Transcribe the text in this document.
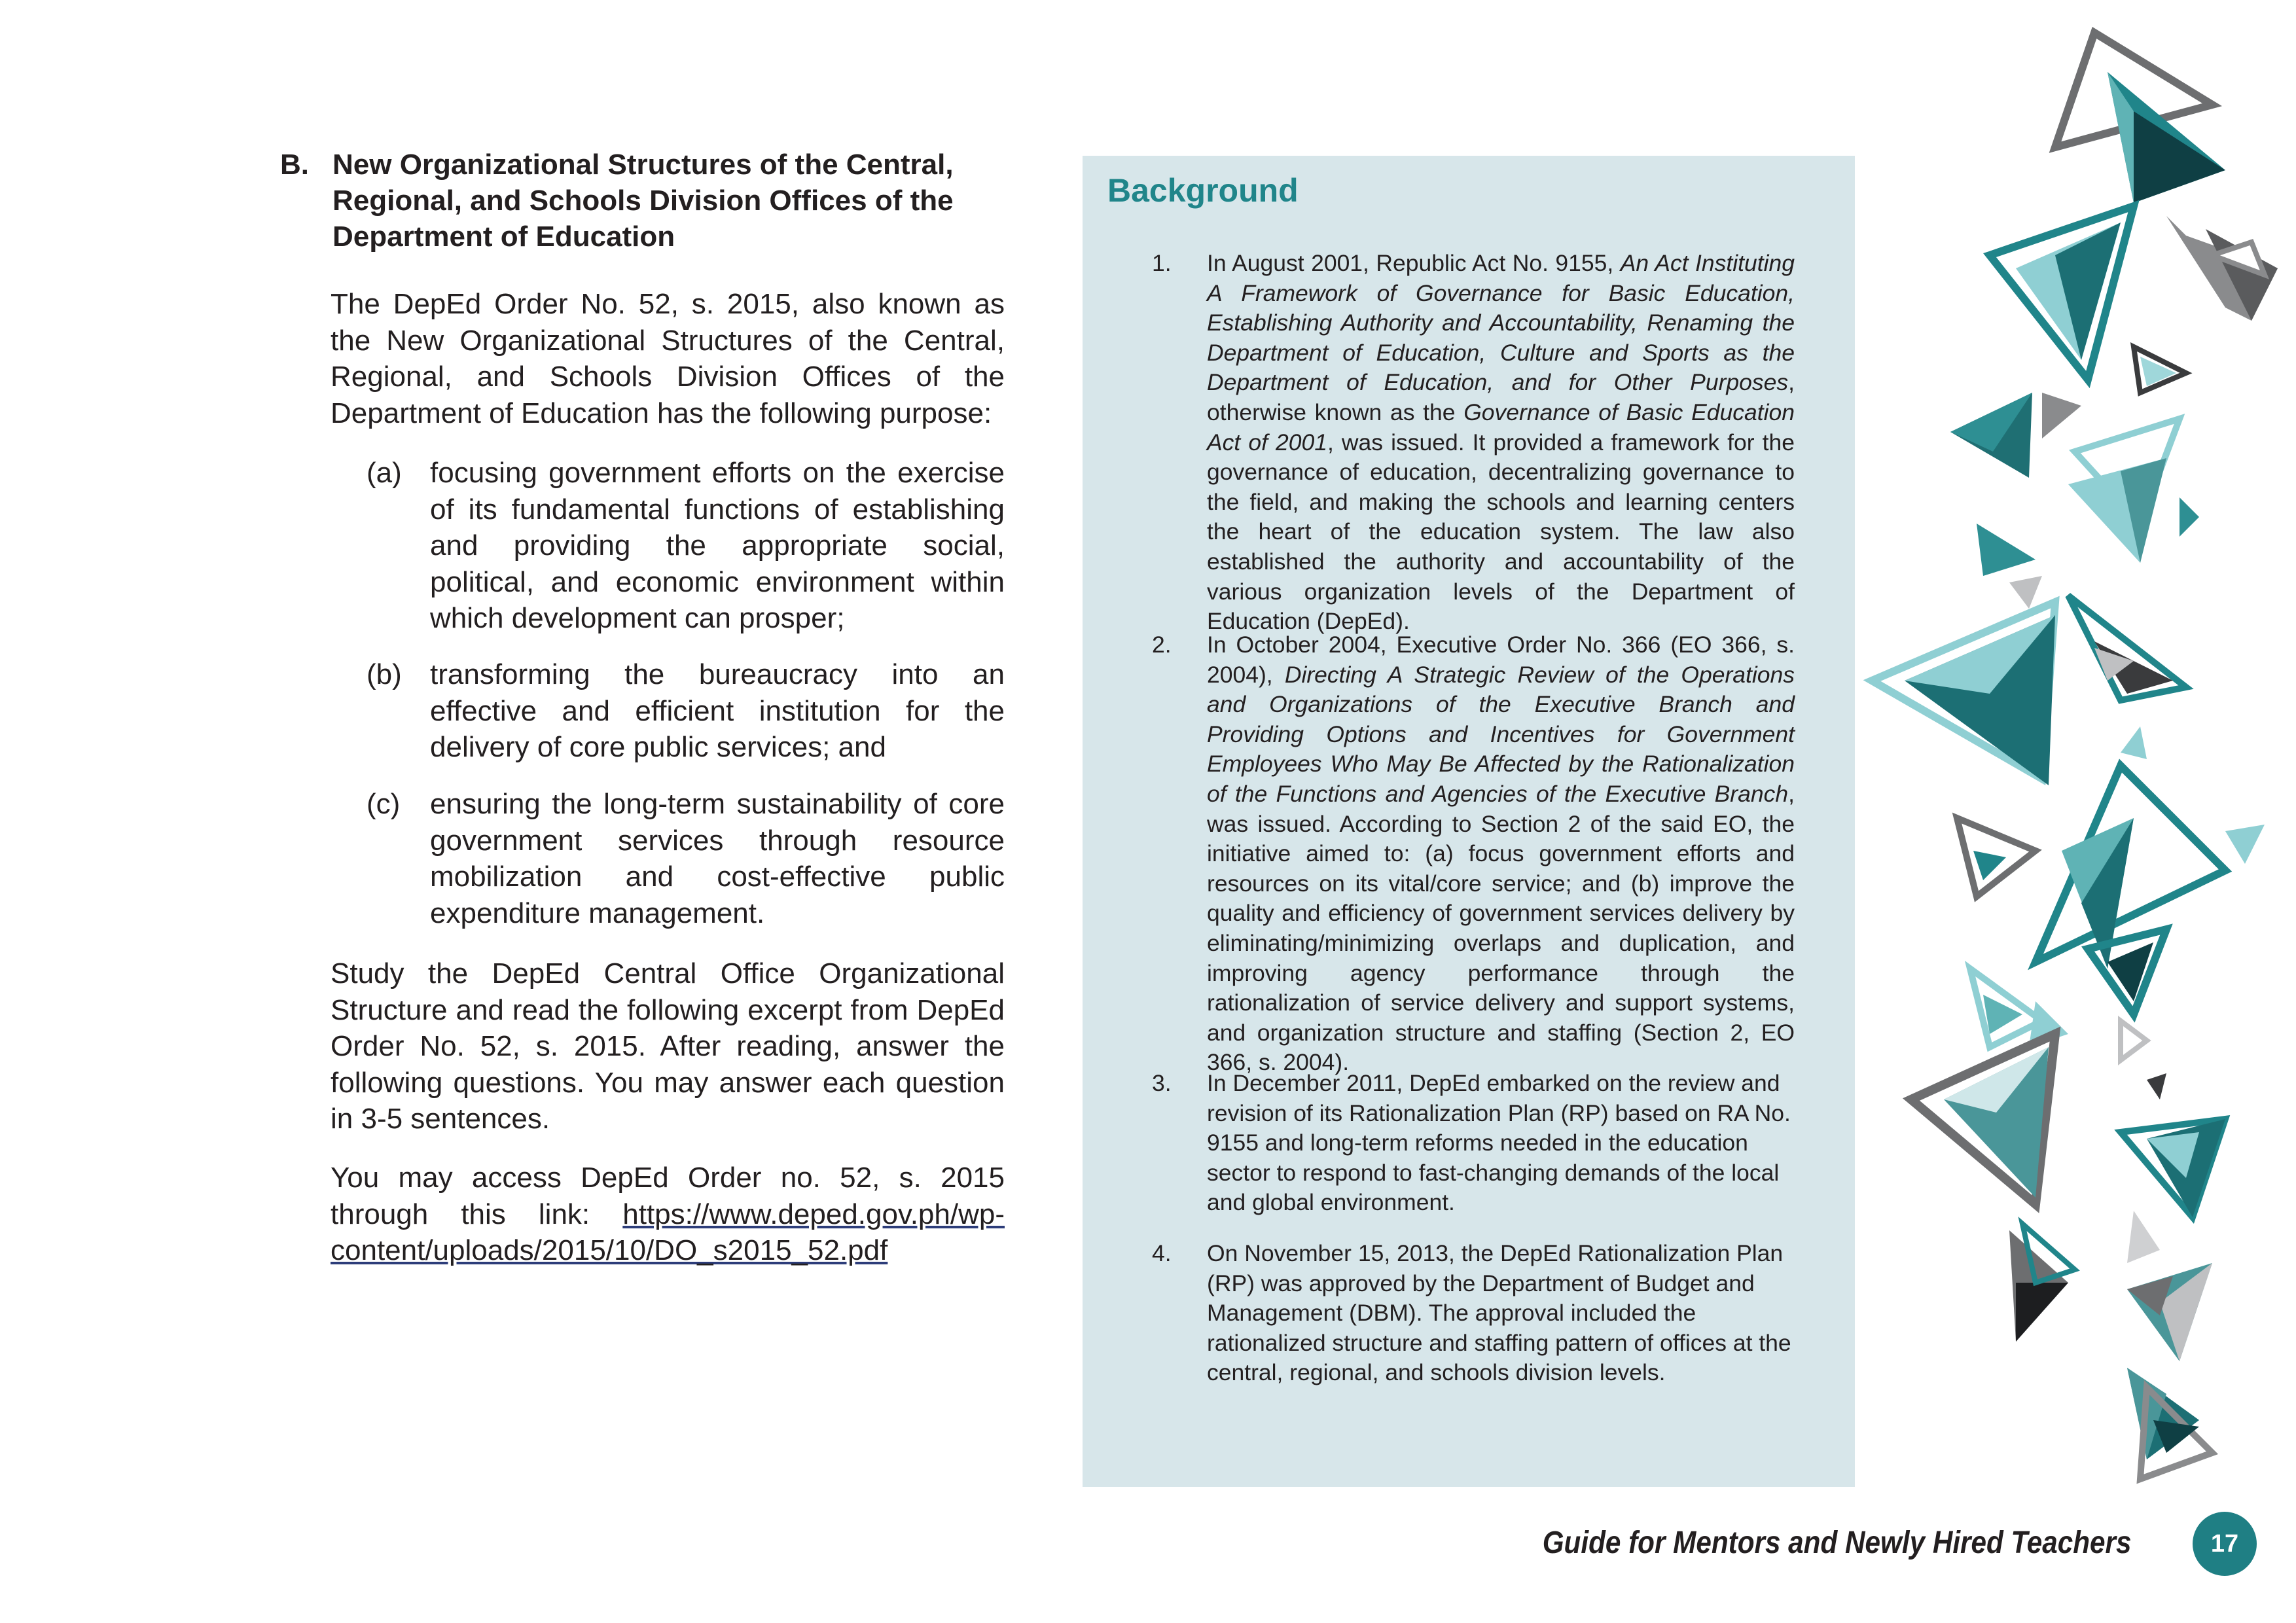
B. New Organizational Structures of the Central, Regional, and Schools Division Offices of the Department of Education

The DepEd Order No. 52, s. 2015, also known as the New Organizational Structures of the Central, Regional, and Schools Division Offices of the Department of Education has the following purpose:

(a) focusing government efforts on the exercise of its fundamental functions of establishing and providing the appropriate social, political, and economic environment within which development can prosper;
(b) transforming the bureaucracy into an effective and efficient institution for the delivery of core public services; and
(c) ensuring the long-term sustainability of core government services through resource mobilization and cost-effective public expenditure management.

Study the DepEd Central Office Organizational Structure and read the following excerpt from DepEd Order No. 52, s. 2015. After reading, answer the following questions. You may answer each question in 3-5 sentences.

You may access DepEd Order no. 52, s. 2015 through this link: https://www.deped.gov.ph/wp-content/uploads/2015/10/DO_s2015_52.pdf

Background
1. In August 2001, Republic Act No. 9155, An Act Instituting A Framework of Governance for Basic Education, Establishing Authority and Accountability, Renaming the Department of Education, Culture and Sports as the Department of Education, and for Other Purposes, otherwise known as the Governance of Basic Education Act of 2001, was issued. It provided a framework for the governance of education, decentralizing governance to the field, and making the schools and learning centers the heart of the education system. The law also established the authority and accountability of the various organization levels of the Department of Education (DepEd).
2. In October 2004, Executive Order No. 366 (EO 366, s. 2004), Directing A Strategic Review of the Operations and Organizations of the Executive Branch and Providing Options and Incentives for Government Employees Who May Be Affected by the Rationalization of the Functions and Agencies of the Executive Branch, was issued. According to Section 2 of the said EO, the initiative aimed to: (a) focus government efforts and resources on its vital/core service; and (b) improve the quality and efficiency of government services delivery by eliminating/minimizing overlaps and duplication, and improving agency performance through the rationalization of service delivery and support systems, and organization structure and staffing (Section 2, EO 366, s. 2004).
3. In December 2011, DepEd embarked on the review and revision of its Rationalization Plan (RP) based on RA No. 9155 and long-term reforms needed in the education sector to respond to fast-changing demands of the local and global environment.
4. On November 15, 2013, the DepEd Rationalization Plan (RP) was approved by the Department of Budget and Management (DBM). The approval included the rationalized structure and staffing pattern of offices at the central, regional, and schools division levels.
Guide for Mentors and Newly Hired Teachers	17
